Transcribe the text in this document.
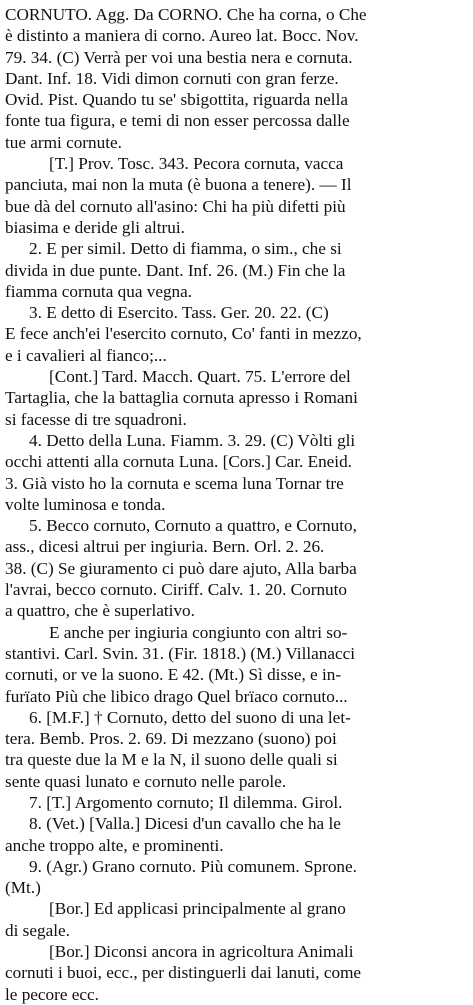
CORNUTO. Agg. Da CORNO. Che ha corna, o Che
è distinto a maniera di corno. Aureo lat. Bocc. Nov.
79. 34. (C) Verrà per voi una bestia nera e cornuta.
Dant. Inf. 18. Vidi dimon cornuti con gran ferze.
Ovid. Pist. Quando tu se' sbigottita, riguarda nella
fonte tua figura, e temi di non esser percossa dalle
tue armi cornute.
[T.] Prov. Tosc. 343. Pecora cornuta, vacca
panciuta, mai non la muta (è buona a tenere). — Il
bue dà del cornuto all'asino: Chi ha più difetti più
biasima e deride gli altrui.
2. E per simil. Detto di fiamma, o sim., che si
divida in due punte. Dant. Inf. 26. (M.) Fin che la
fiamma cornuta qua vegna.
3. E detto di Esercito. Tass. Ger. 20. 22. (C)
E fece anch'ei l'esercito cornuto, Co' fanti in mezzo,
e i cavalieri al fianco;...
[Cont.] Tard. Macch. Quart. 75. L'errore del
Tartaglia, che la battaglia cornuta apresso i Romani
si facesse di tre squadroni.
4. Detto della Luna. Fiamm. 3. 29. (C) Vòlti gli
occhi attenti alla cornuta Luna. [Cors.] Car. Eneid.
3. Già visto ho la cornuta e scema luna Tornar tre
volte luminosa e tonda.
5. Becco cornuto, Cornuto a quattro, e Cornuto,
ass., dicesi altrui per ingiuria. Bern. Orl. 2. 26.
38. (C) Se giuramento ci può dare ajuto, Alla barba
l'avrai, becco cornuto. Ciriff. Calv. 1. 20. Cornuto
a quattro, che è superlativo.
E anche per ingiuria congiunto con altri so-
stantivi. Carl. Svin. 31. (Fir. 1818.) (M.) Villanacci
cornuti, or ve la suono. E 42. (Mt.) Sì disse, e in-
furïato Più che libico drago Quel brïaco cornuto...
6. [M.F.] † Cornuto, detto del suono di una let-
tera. Bemb. Pros. 2. 69. Di mezzano (suono) poi
tra queste due la M e la N, il suono delle quali si
sente quasi lunato e cornuto nelle parole.
7. [T.] Argomento cornuto; Il dilemma. Girol.
8. (Vet.) [Valla.] Dicesi d'un cavallo che ha le
anche troppo alte, e prominenti.
9. (Agr.) Grano cornuto. Più comunem. Sprone.
(Mt.)
[Bor.] Ed applicasi principalmente al grano
di segale.
[Bor.] Diconsi ancora in agricoltura Animali
cornuti i buoi, ecc., per distinguerli dai lanuti, come
le pecore ecc.
